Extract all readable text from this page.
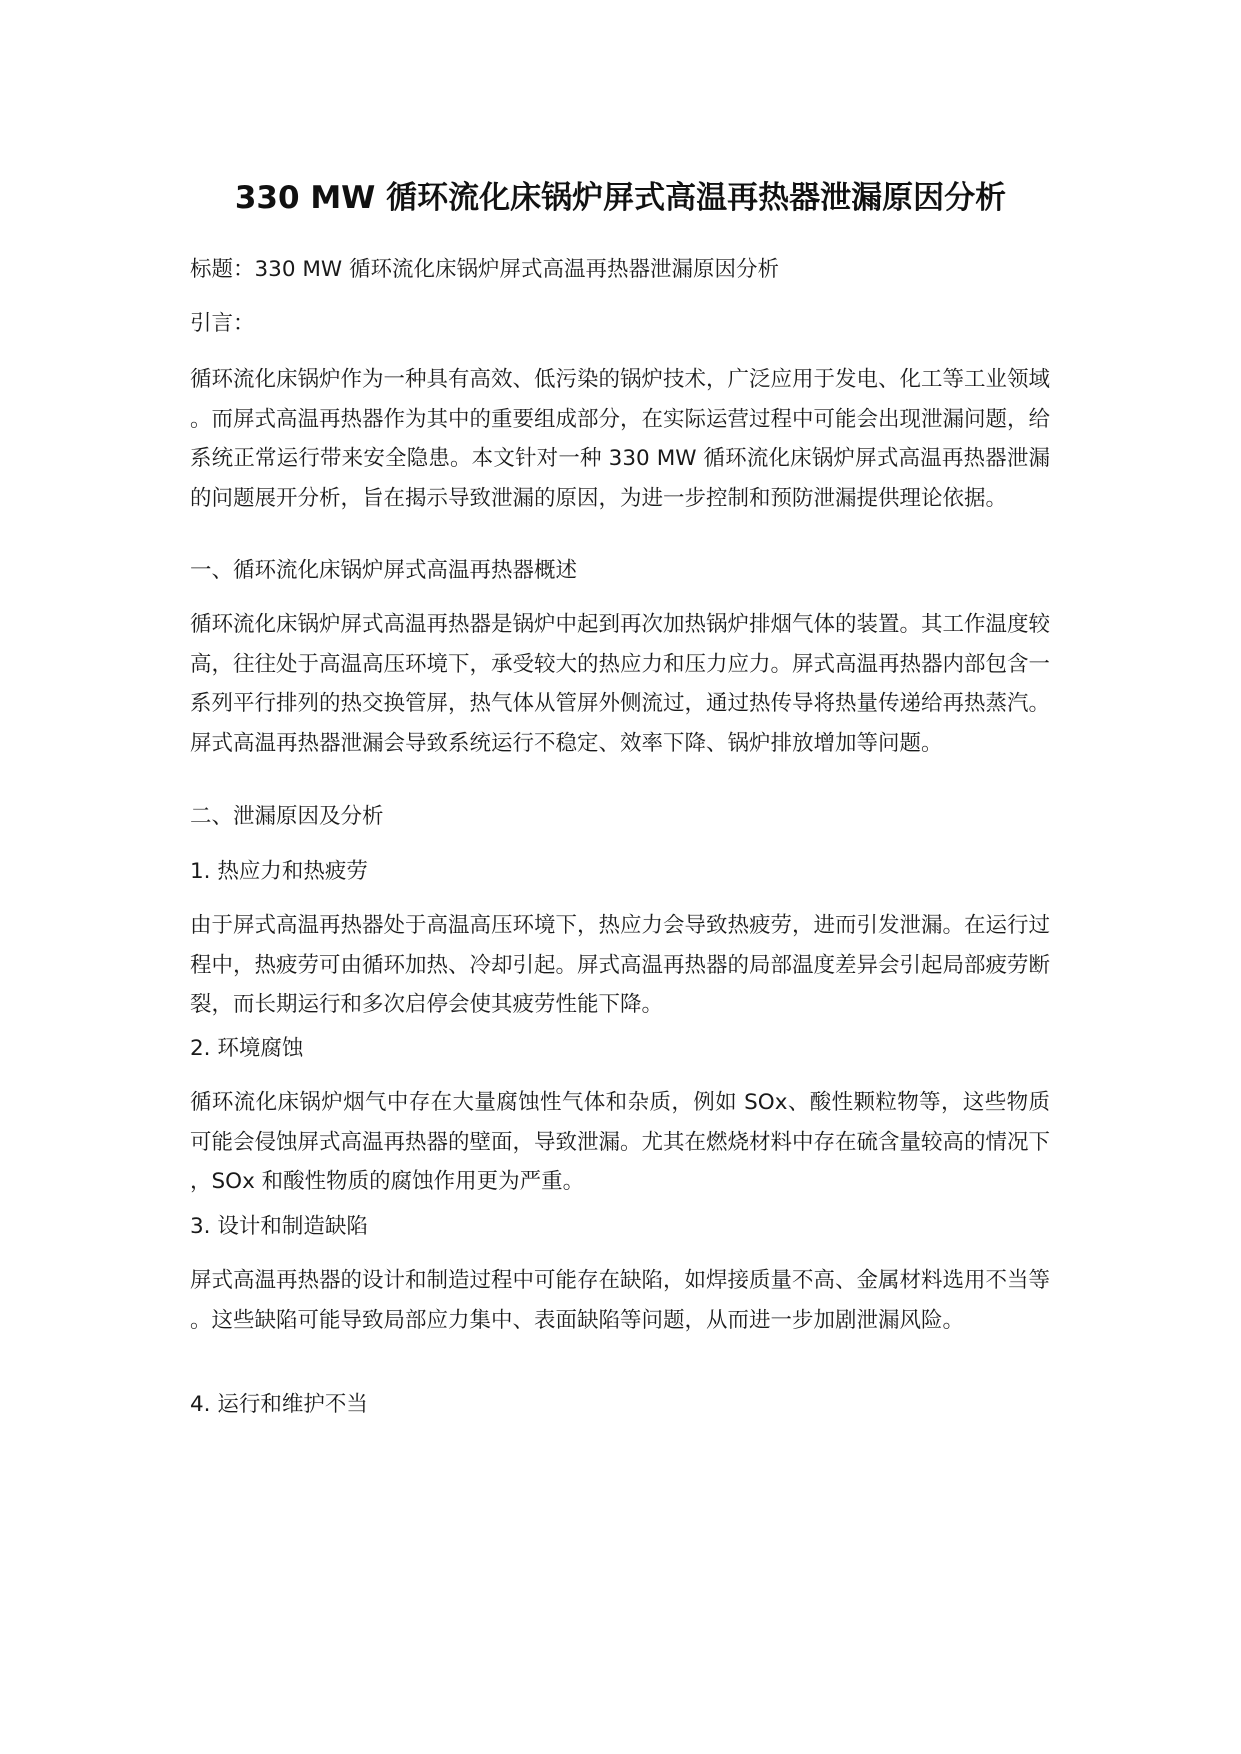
330 MW 循环流化床锅炉屏式高温再热器泄漏原因分析

标题：330 MW 循环流化床锅炉屏式高温再热器泄漏原因分析

引言：

循环流化床锅炉作为一种具有高效、低污染的锅炉技术，广泛应用于发电、化工等工业领域。而屏式高温再热器作为其中的重要组成部分，在实际运营过程中可能会出现泄漏问题，给系统正常运行带来安全隐患。本文针对一种 330 MW 循环流化床锅炉屏式高温再热器泄漏的问题展开分析，旨在揭示导致泄漏的原因，为进一步控制和预防泄漏提供理论依据。

一、循环流化床锅炉屏式高温再热器概述

循环流化床锅炉屏式高温再热器是锅炉中起到再次加热锅炉排烟气体的装置。其工作温度较高，往往处于高温高压环境下，承受较大的热应力和压力应力。屏式高温再热器内部包含一系列平行排列的热交换管屏，热气体从管屏外侧流过，通过热传导将热量传递给再热蒸汽。屏式高温再热器泄漏会导致系统运行不稳定、效率下降、锅炉排放增加等问题。

二、泄漏原因及分析

1. 热应力和热疲劳

由于屏式高温再热器处于高温高压环境下，热应力会导致热疲劳，进而引发泄漏。在运行过程中，热疲劳可由循环加热、冷却引起。屏式高温再热器的局部温度差异会引起局部疲劳断裂，而长期运行和多次启停会使其疲劳性能下降。

2. 环境腐蚀

循环流化床锅炉烟气中存在大量腐蚀性气体和杂质，例如 SOx、酸性颗粒物等，这些物质可能会侵蚀屏式高温再热器的壁面，导致泄漏。尤其在燃烧材料中存在硫含量较高的情况下，SOx 和酸性物质的腐蚀作用更为严重。

3. 设计和制造缺陷

屏式高温再热器的设计和制造过程中可能存在缺陷，如焊接质量不高、金属材料选用不当等。这些缺陷可能导致局部应力集中、表面缺陷等问题，从而进一步加剧泄漏风险。

4. 运行和维护不当
